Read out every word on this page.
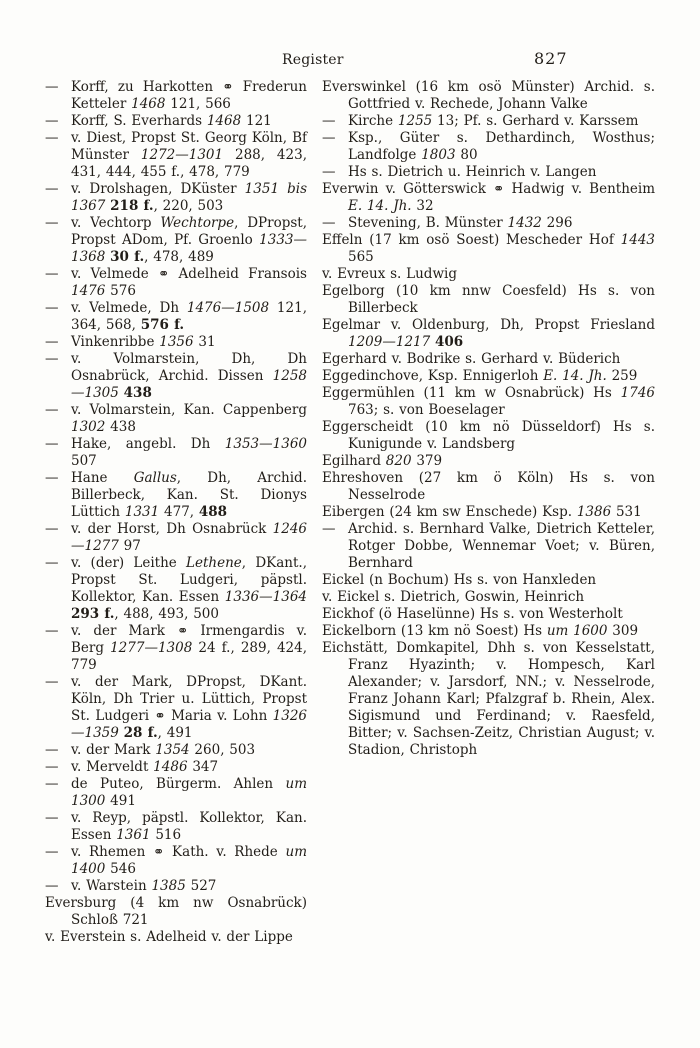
Register	827

— Korff, zu Harkotten ⚭ Frederun Ketteler 1468 121, 566

— Korff, S. Everhards 1468 121

— v. Diest, Propst St. Georg Köln, Bf Münster 1272—1301 288, 423, 431, 444, 455 f., 478, 779

— v. Drolshagen, DKüster 1351 bis 1367 218 f., 220, 503

— v. Vechtorp Wechtorpe, DPropst, Propst ADom, Pf. Groenlo 1333—1368 30 f., 478, 489

— v. Velmede ⚭ Adelheid Fransois 1476 576

— v. Velmede, Dh 1476—1508 121, 364, 568, 576 f.

— Vinkenribbe 1356 31

— v. Volmarstein, Dh, Dh Osnabrück, Archid. Dissen 1258—1305 438

— v. Volmarstein, Kan. Cappenberg 1302 438

— Hake, angebl. Dh 1353—1360 507

— Hane Gallus, Dh, Archid. Billerbeck, Kan. St. Dionys Lüttich 1331 477, 488

— v. der Horst, Dh Osnabrück 1246—1277 97

— v. (der) Leithe Lethene, DKant., Propst St. Ludgeri, päpstl. Kollektor, Kan. Essen 1336—1364 293 f., 488, 493, 500

— v. der Mark ⚭ Irmengardis v. Berg 1277—1308 24 f., 289, 424, 779

— v. der Mark, DPropst, DKant. Köln, Dh Trier u. Lüttich, Propst St. Ludgeri ⚭ Maria v. Lohn 1326—1359 28 f., 491

— v. der Mark 1354 260, 503

— v. Merveldt 1486 347

— de Puteo, Bürgerm. Ahlen um 1300 491

— v. Reyp, päpstl. Kollektor, Kan. Essen 1361 516

— v. Rhemen ⚭ Kath. v. Rhede um 1400 546

— v. Warstein 1385 527

Eversburg (4 km nw Osnabrück) Schloß 721

v. Everstein s. Adelheid v. der Lippe

Everswinkel (16 km osö Münster) Archid. s. Gottfried v. Rechede, Johann Valke

— Kirche 1255 13; Pf. s. Gerhard v. Karssem

— Ksp., Güter s. Dethardinch, Wosthus; Landfolge 1803 80

— Hs s. Dietrich u. Heinrich v. Langen

Everwin v. Götterswick ⚭ Hadwig v. Bentheim E. 14. Jh. 32

— Stevening, B. Münster 1432 296

Effeln (17 km osö Soest) Mescheder Hof 1443 565

v. Evreux s. Ludwig

Egelborg (10 km nnw Coesfeld) Hs s. von Billerbeck

Egelmar v. Oldenburg, Dh, Propst Friesland 1209—1217 406

Egerhard v. Bodrike s. Gerhard v. Büderich

Eggedinchove, Ksp. Ennigerloh E. 14. Jh. 259

Eggermühlen (11 km w Osnabrück) Hs 1746 763; s. von Boeselager

Eggerscheidt (10 km nö Düsseldorf) Hs s. Kunigunde v. Landsberg

Egilhard 820 379

Ehreshoven (27 km ö Köln) Hs s. von Nesselrode

Eibergen (24 km sw Enschede) Ksp. 1386 531

— Archid. s. Bernhard Valke, Dietrich Ketteler, Rotger Dobbe, Wennemar Voet; v. Büren, Bernhard

Eickel (n Bochum) Hs s. von Hanxleden

v. Eickel s. Dietrich, Goswin, Heinrich

Eickhof (ö Haselünne) Hs s. von Westerholt

Eickelborn (13 km nö Soest) Hs um 1600 309

Eichstätt, Domkapitel, Dhh s. von Kesselstatt, Franz Hyazinth; v. Hompesch, Karl Alexander; v. Jarsdorf, NN.; v. Nesselrode, Franz Johann Karl; Pfalzgraf b. Rhein, Alex. Sigismund und Ferdinand; v. Raesfeld, Bitter; v. Sachsen-Zeitz, Christian August; v. Stadion, Christoph
